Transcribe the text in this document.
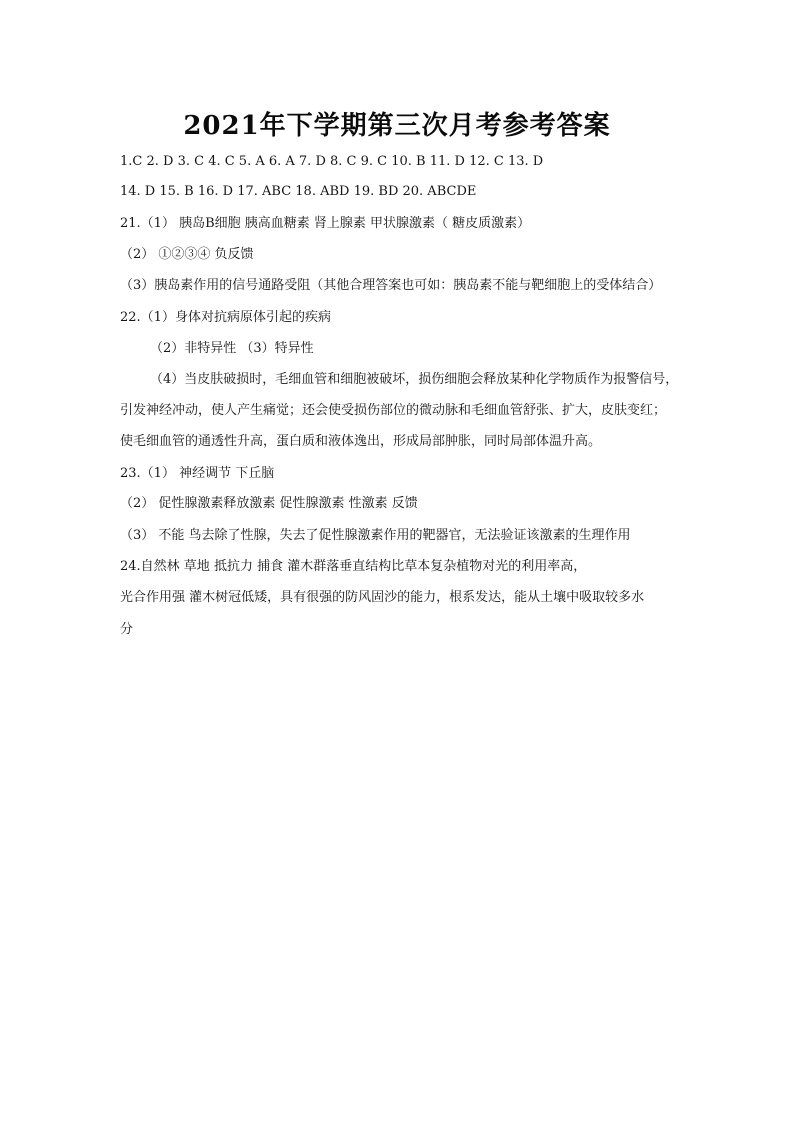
2021年下学期第三次月考参考答案
1.C 2. D 3. C 4. C 5. A 6. A 7. D 8. C 9. C 10. B 11. D 12. C 13. D
14. D 15. B 16. D 17. ABC 18. ABD 19. BD 20. ABCDE
21.（1） 胰岛B细胞 胰高血糖素 肾上腺素 甲状腺激素（ 糖皮质激素）
（2） ①②③④ 负反馈
（3）胰岛素作用的信号通路受阻（其他合理答案也可如：胰岛素不能与靶细胞上的受体结合）
22.（1）身体对抗病原体引起的疾病
（2）非特异性 （3）特异性
（4）当皮肤破损时，毛细血管和细胞被破坏，损伤细胞会释放某种化学物质作为报警信号，
引发神经冲动，使人产生痛觉；还会使受损伤部位的微动脉和毛细血管舒张、扩大，皮肤变红；
使毛细血管的通透性升高，蛋白质和液体逸出，形成局部肿胀，同时局部体温升高。
23.（1） 神经调节 下丘脑
（2） 促性腺激素释放激素 促性腺激素 性激素 反馈
（3） 不能 鸟去除了性腺，失去了促性腺激素作用的靶器官，无法验证该激素的生理作用
24.自然林 草地 抵抗力 捕食 灌木群落垂直结构比草本复杂植物对光的利用率高，
光合作用强 灌木树冠低矮，具有很强的防风固沙的能力，根系发达，能从土壤中吸取较多水
分
